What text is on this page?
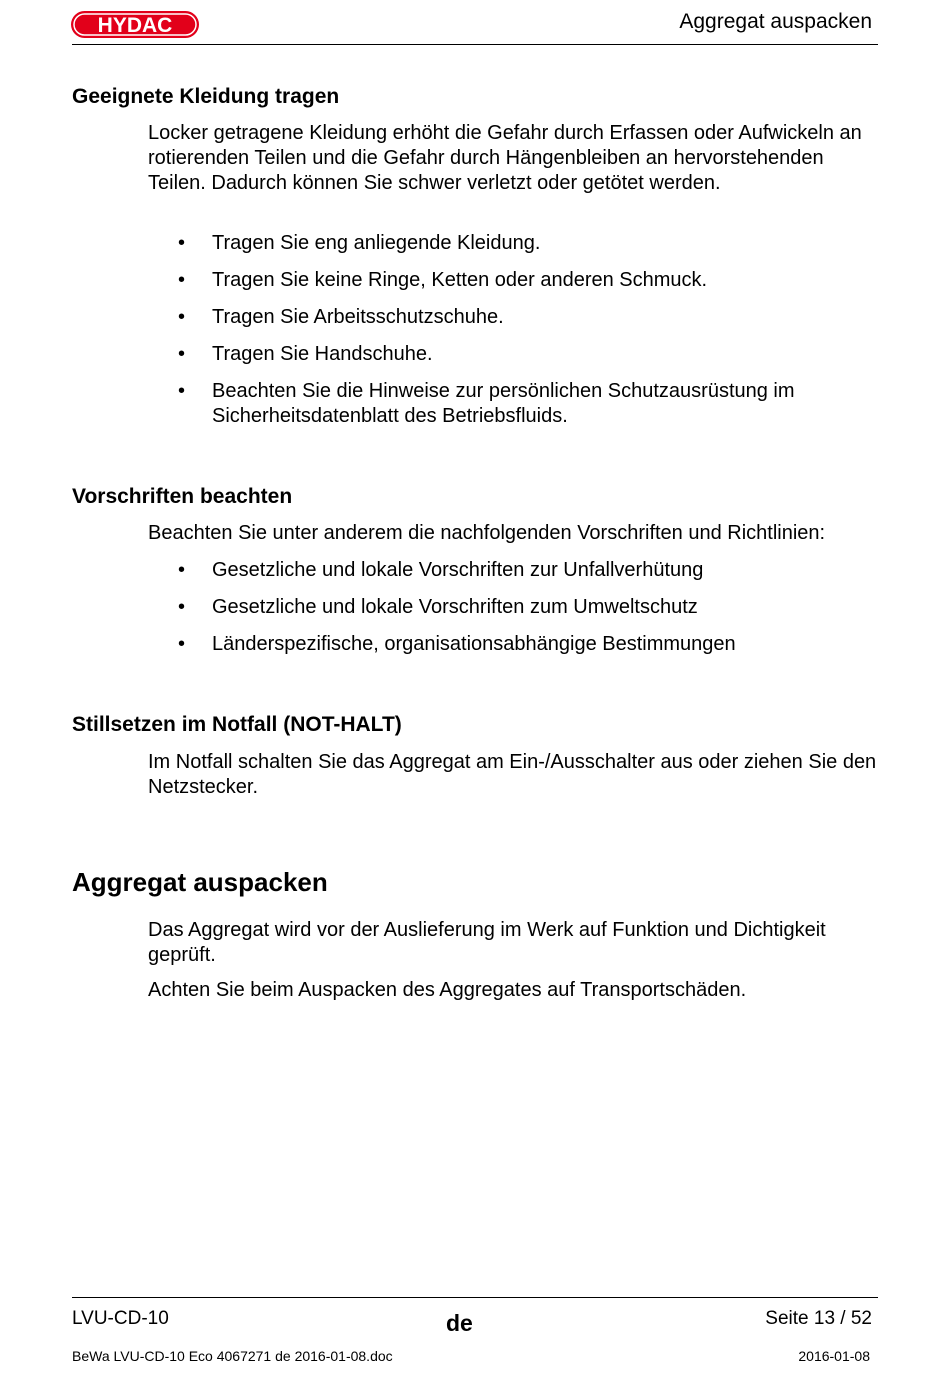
HYDAC	Aggregat auspacken
Geeignete Kleidung tragen

Locker getragene Kleidung erhöht die Gefahr durch Erfassen oder Aufwickeln an rotierenden Teilen und die Gefahr durch Hängenbleiben an hervorstehenden Teilen. Dadurch können Sie schwer verletzt oder getötet werden.

• Tragen Sie eng anliegende Kleidung.
• Tragen Sie keine Ringe, Ketten oder anderen Schmuck.
• Tragen Sie Arbeitsschutzschuhe.
• Tragen Sie Handschuhe.
• Beachten Sie die Hinweise zur persönlichen Schutzausrüstung im Sicherheitsdatenblatt des Betriebsfluids.
Vorschriften beachten

Beachten Sie unter anderem die nachfolgenden Vorschriften und Richtlinien:

• Gesetzliche und lokale Vorschriften zur Unfallverhütung
• Gesetzliche und lokale Vorschriften zum Umweltschutz
• Länderspezifische, organisationsabhängige Bestimmungen
Stillsetzen im Notfall (NOT-HALT)

Im Notfall schalten Sie das Aggregat am Ein-/Ausschalter aus oder ziehen Sie den Netzstecker.

Aggregat auspacken

Das Aggregat wird vor der Auslieferung im Werk auf Funktion und Dichtigkeit geprüft.

Achten Sie beim Auspacken des Aggregates auf Transportschäden.

LVU-CD-10	de	Seite 13 / 52
BeWa LVU-CD-10 Eco 4067271 de 2016-01-08.doc	2016-01-08
